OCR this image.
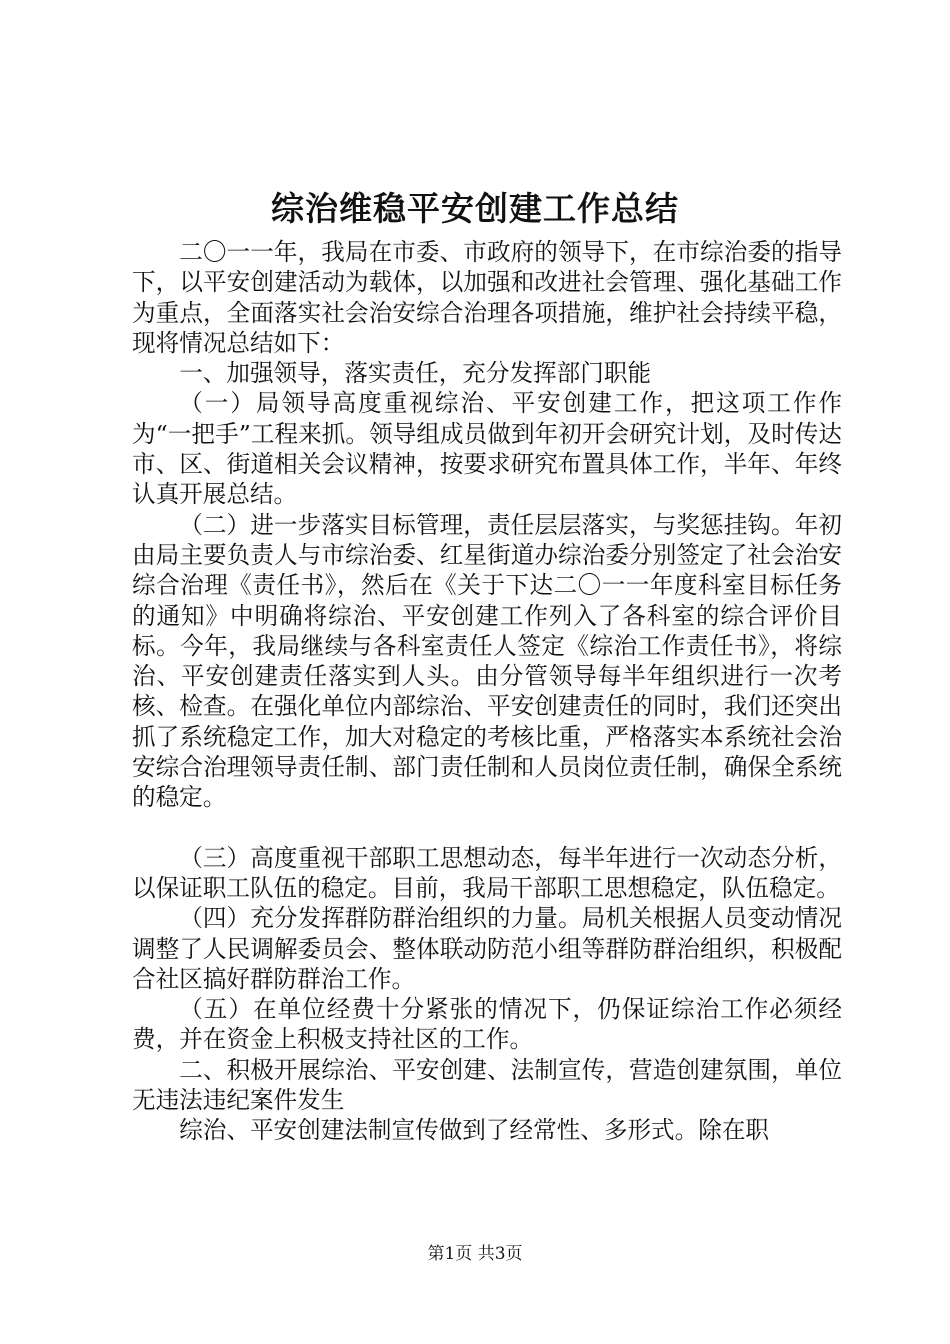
综治维稳平安创建工作总结

二〇一一年，我局在市委、市政府的领导下，在市综治委的指导下，以平安创建活动为载体，以加强和改进社会管理、强化基础工作为重点，全面落实社会治安综合治理各项措施，维护社会持续平稳，现将情况总结如下：

一、加强领导，落实责任，充分发挥部门职能

（一）局领导高度重视综治、平安创建工作，把这项工作作为“一把手”工程来抓。领导组成员做到年初开会研究计划，及时传达市、区、街道相关会议精神，按要求研究布置具体工作，半年、年终认真开展总结。

（二）进一步落实目标管理，责任层层落实，与奖惩挂钩。年初由局主要负责人与市综治委、红星街道办综治委分别签定了社会治安综合治理《责任书》，然后在《关于下达二〇一一年度科室目标任务的通知》中明确将综治、平安创建工作列入了各科室的综合评价目标。今年，我局继续与各科室责任人签定《综治工作责任书》，将综治、平安创建责任落实到人头。由分管领导每半年组织进行一次考核、检查。在强化单位内部综治、平安创建责任的同时，我们还突出抓了系统稳定工作，加大对稳定的考核比重，严格落实本系统社会治安综合治理领导责任制、部门责任制和人员岗位责任制，确保全系统的稳定。

（三）高度重视干部职工思想动态，每半年进行一次动态分析，以保证职工队伍的稳定。目前，我局干部职工思想稳定，队伍稳定。

（四）充分发挥群防群治组织的力量。局机关根据人员变动情况调整了人民调解委员会、整体联动防范小组等群防群治组织，积极配合社区搞好群防群治工作。

（五）在单位经费十分紧张的情况下，仍保证综治工作必须经费，并在资金上积极支持社区的工作。

二、积极开展综治、平安创建、法制宣传，营造创建氛围，单位无违法违纪案件发生

综治、平安创建法制宣传做到了经常性、多形式。除在职

第1页 共3页
